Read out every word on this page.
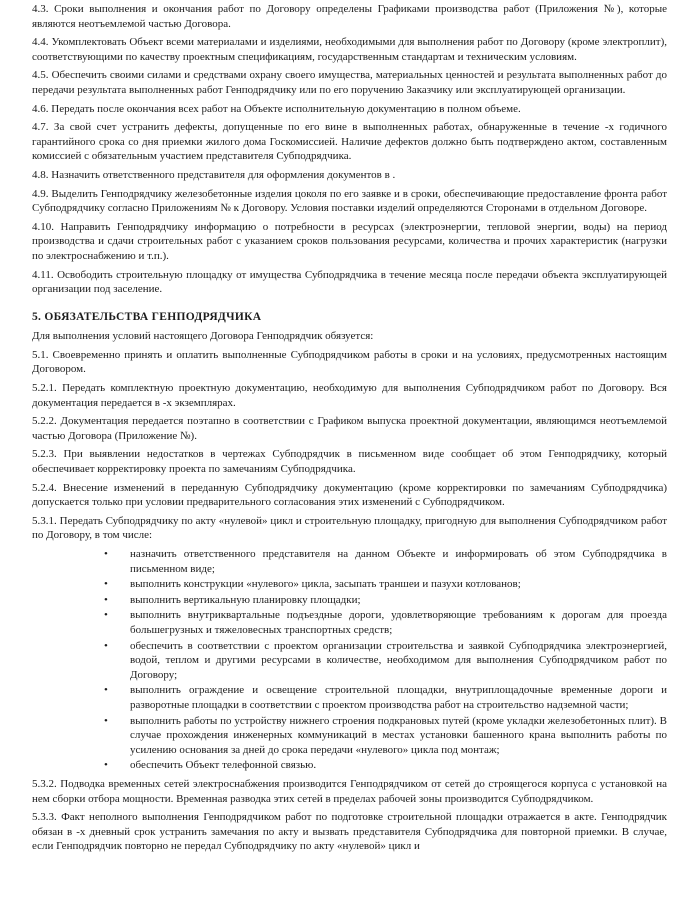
4.3. Сроки выполнения и окончания работ по Договору определены Графиками производства работ (Приложения №), которые являются неотъемлемой частью Договора.

4.4. Укомплектовать Объект всеми материалами и изделиями, необходимыми для выполнения работ по Договору (кроме электроплит), соответствующими по качеству проектным спецификациям, государственным стандартам и техническим условиям.

4.5. Обеспечить своими силами и средствами охрану своего имущества, материальных ценностей и результата выполненных работ до передачи результата выполненных работ Генподрядчику или по его поручению Заказчику или эксплуатирующей организации.

4.6. Передать после окончания всех работ на Объекте исполнительную документацию в полном объеме.

4.7. За свой счет устранить дефекты, допущенные по его вине в выполненных работах, обнаруженные в течение -х годичного гарантийного срока со дня приемки жилого дома Госкомиссией. Наличие дефектов должно быть подтверждено актом, составленным комиссией с обязательным участием представителя Субподрядчика.

4.8. Назначить ответственного представителя для оформления документов в .

4.9. Выделить Генподрядчику железобетонные изделия цоколя по его заявке и в сроки, обеспечивающие предоставление фронта работ Субподрядчику согласно Приложениям № к Договору. Условия поставки изделий определяются Сторонами в отдельном Договоре.

4.10. Направить Генподрядчику информацию о потребности в ресурсах (электроэнергии, тепловой энергии, воды) на период производства и сдачи строительных работ с указанием сроков пользования ресурсами, количества и прочих характеристик (нагрузки по электроснабжению и т.п.).

4.11. Освободить строительную площадку от имущества Субподрядчика в течение месяца после передачи объекта эксплуатирующей организации под заселение.

5. ОБЯЗАТЕЛЬСТВА ГЕНПОДРЯДЧИКА

Для выполнения условий настоящего Договора Генподрядчик обязуется:

5.1. Своевременно принять и оплатить выполненные Субподрядчиком работы в сроки и на условиях, предусмотренных настоящим Договором.

5.2.1. Передать комплектную проектную документацию, необходимую для выполнения Субподрядчиком работ по Договору. Вся документация передается в -х экземплярах.

5.2.2. Документация передается поэтапно в соответствии с Графиком выпуска проектной документации, являющимся неотъемлемой частью Договора (Приложение №).

5.2.3. При выявлении недостатков в чертежах Субподрядчик в письменном виде сообщает об этом Генподрядчику, который обеспечивает корректировку проекта по замечаниям Субподрядчика.

5.2.4. Внесение изменений в переданную Субподрядчику документацию (кроме корректировки по замечаниям Субподрядчика) допускается только при условии предварительного согласования этих изменений с Субподрядчиком.

5.3.1. Передать Субподрядчику по акту «нулевой» цикл и строительную площадку, пригодную для выполнения Субподрядчиком работ по Договору, в том числе:

• назначить ответственного представителя на данном Объекте и информировать об этом Субподрядчика в письменном виде;
• выполнить конструкции «нулевого» цикла, засыпать траншеи и пазухи котлованов;
• выполнить вертикальную планировку площадки;
• выполнить внутриквартальные подъездные дороги, удовлетворяющие требованиям к дорогам для проезда большегрузных и тяжеловесных транспортных средств;
• обеспечить в соответствии с проектом организации строительства и заявкой Субподрядчика электроэнергией, водой, теплом и другими ресурсами в количестве, необходимом для выполнения Субподрядчиком работ по Договору;
• выполнить ограждение и освещение строительной площадки, внутриплощадочные временные дороги и разворотные площадки в соответствии с проектом производства работ на строительство надземной части;
• выполнить работы по устройству нижнего строения подкрановых путей (кроме укладки железобетонных плит). В случае прохождения инженерных коммуникаций в местах установки башенного крана выполнить работы по усилению основания за дней до срока передачи «нулевого» цикла под монтаж;
• обеспечить Объект телефонной связью.

5.3.2. Подводка временных сетей электроснабжения производится Генподрядчиком от сетей до строящегося корпуса с установкой на нем сборки отбора мощности. Временная разводка этих сетей в пределах рабочей зоны производится Субподрядчиком.

5.3.3. Факт неполного выполнения Генподрядчиком работ по подготовке строительной площадки отражается в акте. Генподрядчик обязан в -х дневный срок устранить замечания по акту и вызвать представителя Субподрядчика для повторной приемки. В случае, если Генподрядчик повторно не передал Субподрядчику по акту «нулевой» цикл и
